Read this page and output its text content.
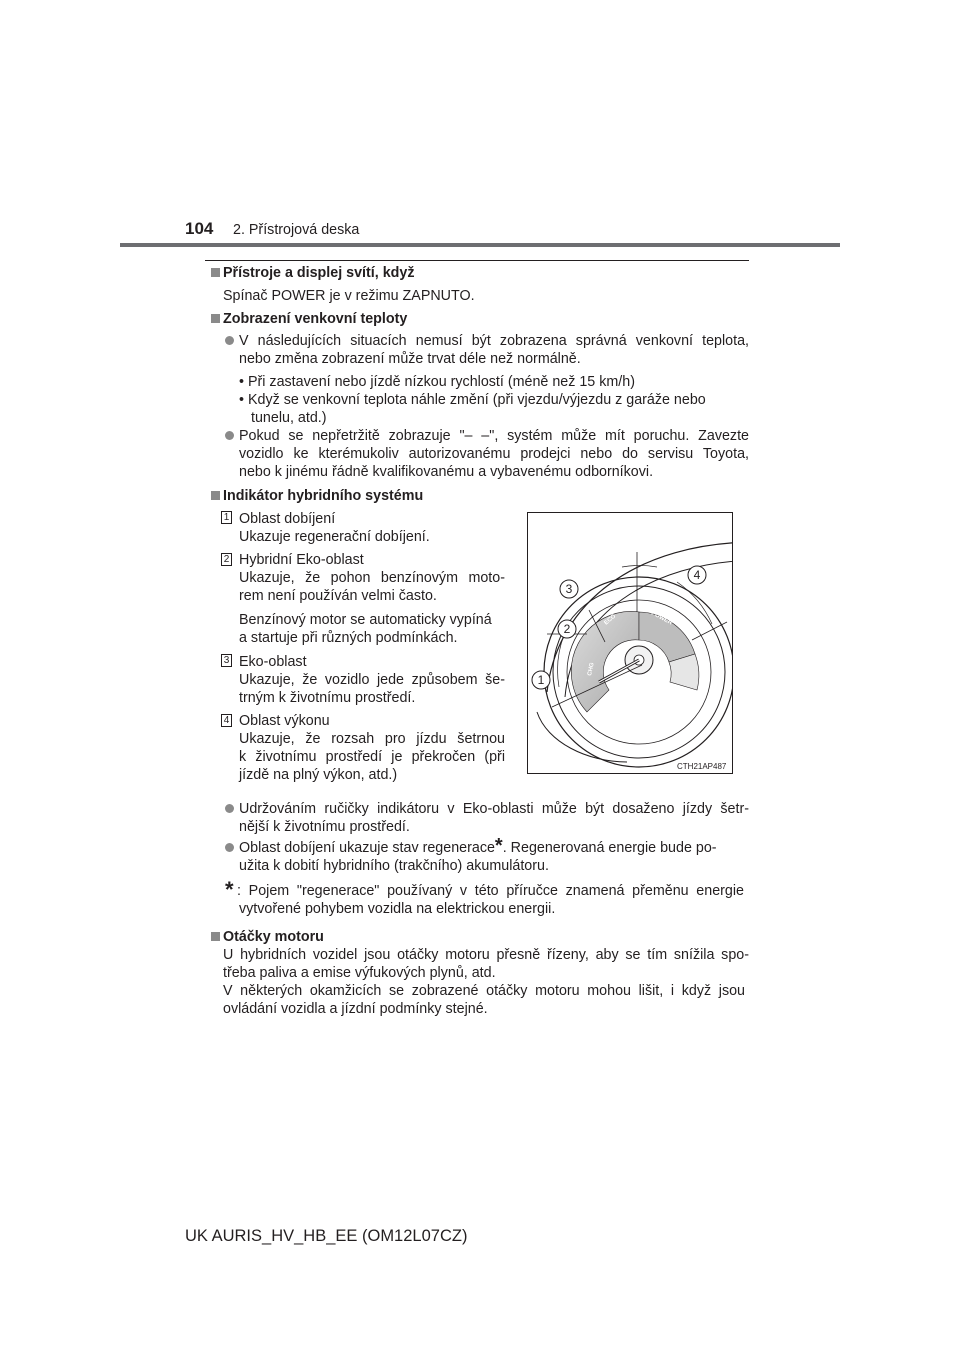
104 2. Přístrojová deska
Přístroje a displej svítí, když
Spínač POWER je v režimu ZAPNUTO.
Zobrazení venkovní teploty
V následujících situacích nemusí být zobrazena správná venkovní teplota,
nebo změna zobrazení může trvat déle než normálně.
• Při zastavení nebo jízdě nízkou rychlostí (méně než 15 km/h)
• Když se venkovní teplota náhle změní (při vjezdu/výjezdu z garáže nebo
tunelu, atd.)
Pokud se nepřetržitě zobrazuje "– –", systém může mít poruchu. Zavezte
vozidlo ke kterémukoliv autorizovanému prodejci nebo do servisu Toyota,
nebo k jinému řádně kvalifikovanému a vybavenému odborníkovi.
Indikátor hybridního systému
1 Oblast dobíjení
Ukazuje regenerační dobíjení.
2 Hybridní Eko-oblast
Ukazuje, že pohon benzínovým moto-
rem není používán velmi často.
Benzínový motor se automaticky vypíná
a startuje při různých podmínkách.
3 Eko-oblast
Ukazuje, že vozidlo jede způsobem še-
trným k životnímu prostředí.
4 Oblast výkonu
Ukazuje, že rozsah pro jízdu šetrnou
k životnímu prostředí je překročen (při
jízdě na plný výkon, atd.)
3
4
2
1
ECO	POWER
CHG
CTH21AP487
Udržováním ručičky indikátoru v Eko-oblasti může být dosaženo jízdy šetr-
nější k životnímu prostředí.
Oblast dobíjení ukazuje stav regenerace*. Regenerovaná energie bude po-
užita k dobití hybridního (trakčního) akumulátoru.
* : Pojem "regenerace" používaný v této příručce znamená přeměnu energie
vytvořené pohybem vozidla na elektrickou energii.
Otáčky motoru
U hybridních vozidel jsou otáčky motoru přesně řízeny, aby se tím snížila spo-
třeba paliva a emise výfukových plynů, atd.
V některých okamžicích se zobrazené otáčky motoru mohou lišit, i když jsou
ovládání vozidla a jízdní podmínky stejné.
UK AURIS_HV_HB_EE (OM12L07CZ)
